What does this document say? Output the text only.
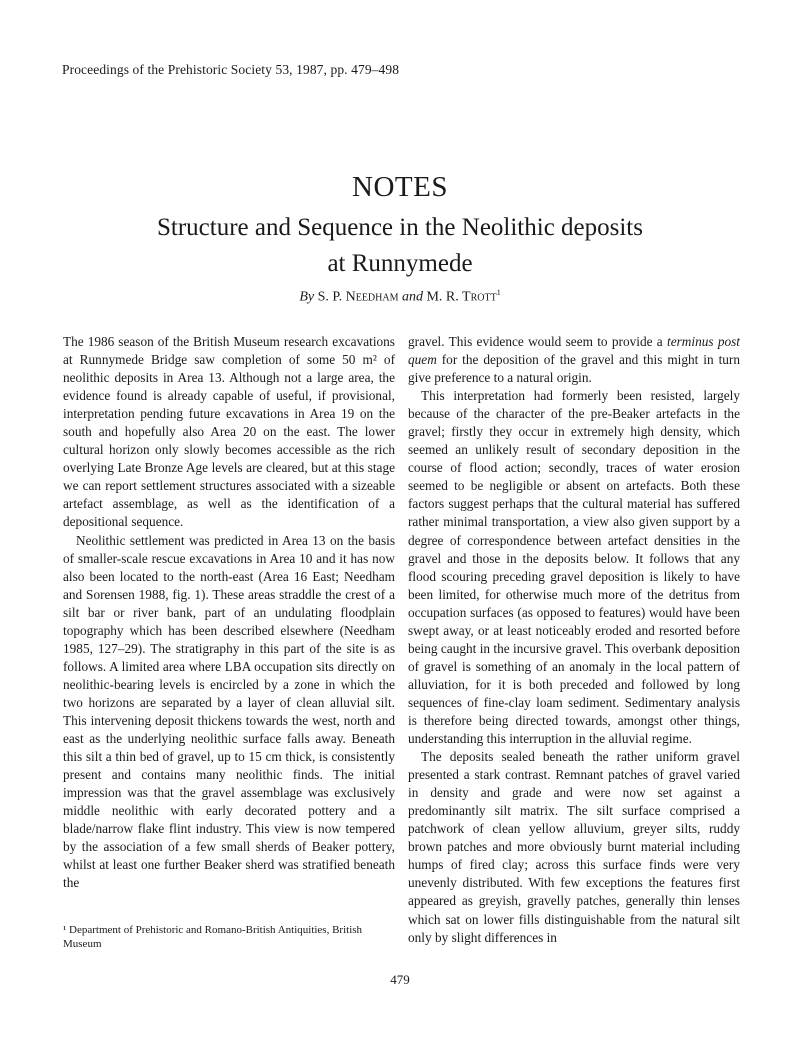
Proceedings of the Prehistoric Society 53, 1987, pp. 479–498
NOTES
Structure and Sequence in the Neolithic deposits
at Runnymede
By S. P. Needham and M. R. Trott$^1$

The 1986 season of the British Museum research excavations at Runnymede Bridge saw completion of some 50 m² of neolithic deposits in Area 13. Although not a large area, the evidence found is already capable of useful, if provisional, interpretation pending future excavations in Area 19 on the south and hopefully also Area 20 on the east. The lower cultural horizon only slowly becomes accessible as the rich overlying Late Bronze Age levels are cleared, but at this stage we can report settlement structures associated with a sizeable artefact assemblage, as well as the identification of a depositional sequence.

Neolithic settlement was predicted in Area 13 on the basis of smaller-scale rescue excavations in Area 10 and it has now also been located to the north-east (Area 16 East; Needham and Sorensen 1988, fig. 1). These areas straddle the crest of a silt bar or river bank, part of an undulating floodplain topography which has been described elsewhere (Needham 1985, 127–29). The stratigraphy in this part of the site is as follows. A limited area where LBA occupation sits directly on neolithic-bearing levels is encircled by a zone in which the two horizons are separated by a layer of clean alluvial silt. This intervening deposit thickens towards the west, north and east as the underlying neolithic surface falls away. Beneath this silt a thin bed of gravel, up to 15 cm thick, is consistently present and contains many neolithic finds. The initial impression was that the gravel assemblage was exclusively middle neolithic with early decorated pottery and a blade/narrow flake flint industry. This view is now tempered by the association of a few small sherds of Beaker pottery, whilst at least one further Beaker sherd was stratified beneath the

gravel. This evidence would seem to provide a terminus post quem for the deposition of the gravel and this might in turn give preference to a natural origin.

This interpretation had formerly been resisted, largely because of the character of the pre-Beaker artefacts in the gravel; firstly they occur in extremely high density, which seemed an unlikely result of secondary deposition in the course of flood action; secondly, traces of water erosion seemed to be negligible or absent on artefacts. Both these factors suggest perhaps that the cultural material has suffered rather minimal transportation, a view also given support by a degree of correspondence between artefact densities in the gravel and those in the deposits below. It follows that any flood scouring preceding gravel deposition is likely to have been limited, for otherwise much more of the detritus from occupation surfaces (as opposed to features) would have been swept away, or at least noticeably eroded and resorted before being caught in the incursive gravel. This overbank deposition of gravel is something of an anomaly in the local pattern of alluviation, for it is both preceded and followed by long sequences of fine-clay loam sediment. Sedimentary analysis is therefore being directed towards, amongst other things, understanding this interruption in the alluvial regime.

The deposits sealed beneath the rather uniform gravel presented a stark contrast. Remnant patches of gravel varied in density and grade and were now set against a predominantly silt matrix. The silt surface comprised a patchwork of clean yellow alluvium, greyer silts, ruddy brown patches and more obviously burnt material including humps of fired clay; across this surface finds were very unevenly distributed. With few exceptions the features first appeared as greyish, gravelly patches, generally thin lenses which sat on lower fills distinguishable from the natural silt only by slight differences in

¹ Department of Prehistoric and Romano-British Antiquities, British Museum
479
